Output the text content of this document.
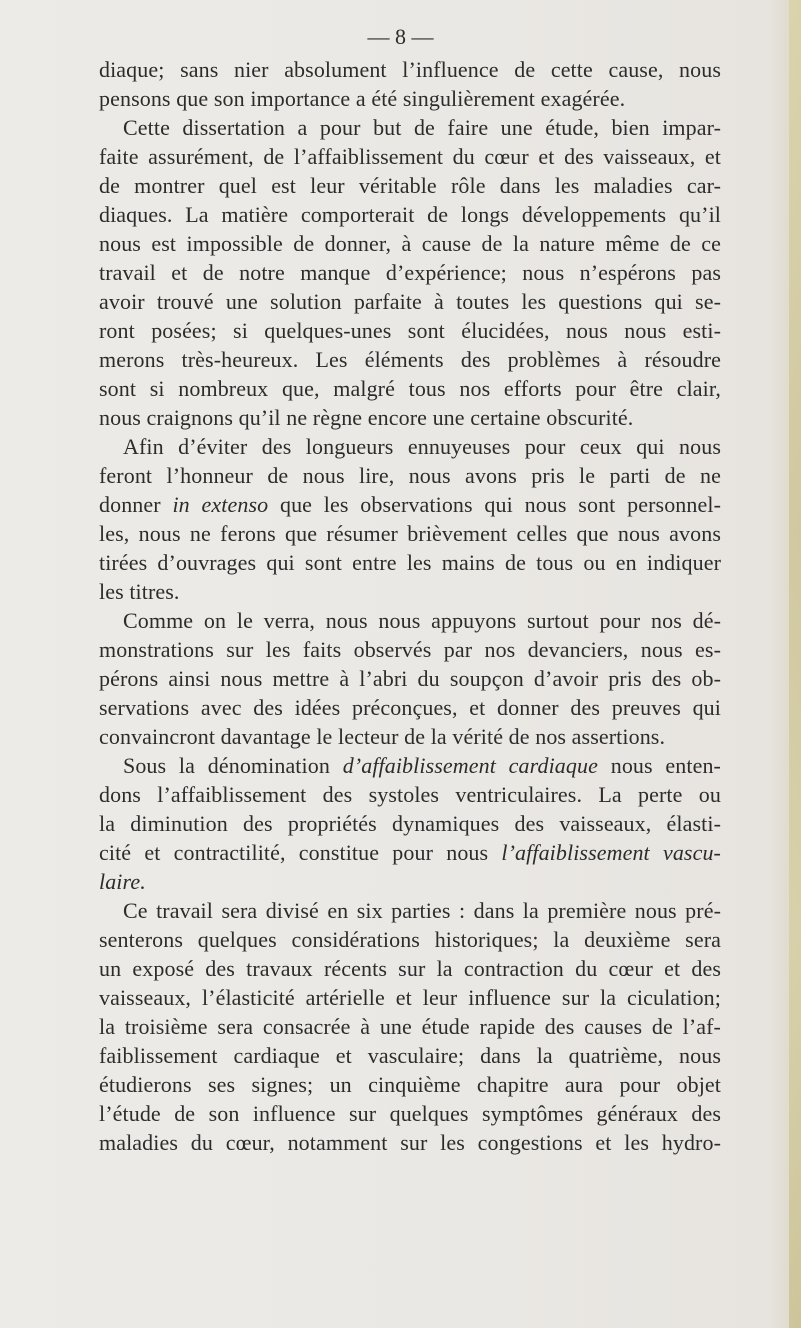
— 8 —
diaque; sans nier absolument l’influence de cette cause, nous
pensons que son importance a été singulièrement exagérée.
Cette dissertation a pour but de faire une étude, bien impar-
faite assurément, de l’affaiblissement du cœur et des vaisseaux, et
de montrer quel est leur véritable rôle dans les maladies car-
diaques. La matière comporterait de longs développements qu’il
nous est impossible de donner, à cause de la nature même de ce
travail et de notre manque d’expérience; nous n’espérons pas
avoir trouvé une solution parfaite à toutes les questions qui se-
ront posées; si quelques-unes sont élucidées, nous nous esti-
merons très-heureux. Les éléments des problèmes à résoudre
sont si nombreux que, malgré tous nos efforts pour être clair,
nous craignons qu’il ne règne encore une certaine obscurité.
Afin d’éviter des longueurs ennuyeuses pour ceux qui nous
feront l’honneur de nous lire, nous avons pris le parti de ne
donner in extenso que les observations qui nous sont personnel-
les, nous ne ferons que résumer brièvement celles que nous avons
tirées d’ouvrages qui sont entre les mains de tous ou en indiquer
les titres.
Comme on le verra, nous nous appuyons surtout pour nos dé-
monstrations sur les faits observés par nos devanciers, nous es-
pérons ainsi nous mettre à l’abri du soupçon d’avoir pris des ob-
servations avec des idées préconçues, et donner des preuves qui
convaincront davantage le lecteur de la vérité de nos assertions.
Sous la dénomination d’affaiblissement cardiaque nous enten-
dons l’affaiblissement des systoles ventriculaires. La perte ou
la diminution des propriétés dynamiques des vaisseaux, élasti-
cité et contractilité, constitue pour nous l’affaiblissement vascu-
laire.
Ce travail sera divisé en six parties : dans la première nous pré-
senterons quelques considérations historiques; la deuxième sera
un exposé des travaux récents sur la contraction du cœur et des
vaisseaux, l’élasticité artérielle et leur influence sur la ciculation;
la troisième sera consacrée à une étude rapide des causes de l’af-
faiblissement cardiaque et vasculaire; dans la quatrième, nous
étudierons ses signes; un cinquième chapitre aura pour objet
l’étude de son influence sur quelques symptômes généraux des
maladies du cœur, notamment sur les congestions et les hydro-
